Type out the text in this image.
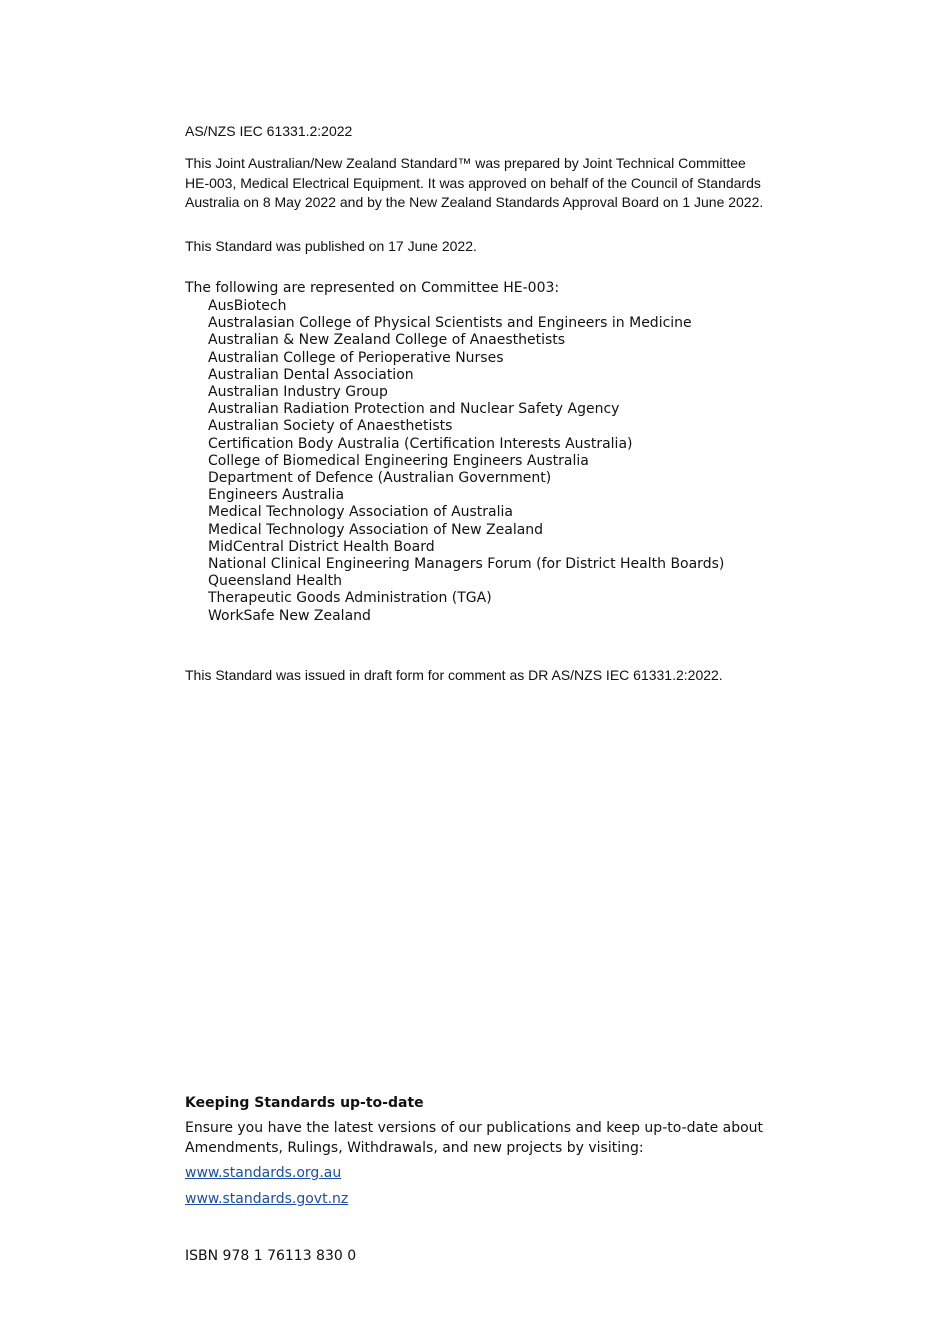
AS/NZS IEC 61331.2:2022

This Joint Australian/New Zealand Standard™ was prepared by Joint Technical Committee HE-003, Medical Electrical Equipment. It was approved on behalf of the Council of Standards Australia on 8 May 2022 and by the New Zealand Standards Approval Board on 1 June 2022.

This Standard was published on 17 June 2022.

The following are represented on Committee HE-003:

AusBiotech
Australasian College of Physical Scientists and Engineers in Medicine
Australian & New Zealand College of Anaesthetists
Australian College of Perioperative Nurses
Australian Dental Association
Australian Industry Group
Australian Radiation Protection and Nuclear Safety Agency
Australian Society of Anaesthetists
Certification Body Australia (Certification Interests Australia)
College of Biomedical Engineering Engineers Australia
Department of Defence (Australian Government)
Engineers Australia
Medical Technology Association of Australia
Medical Technology Association of New Zealand
MidCentral District Health Board
National Clinical Engineering Managers Forum (for District Health Boards)
Queensland Health
Therapeutic Goods Administration (TGA)
WorkSafe New Zealand

This Standard was issued in draft form for comment as DR AS/NZS IEC 61331.2:2022.

Keeping Standards up-to-date

Ensure you have the latest versions of our publications and keep up-to-date about Amendments, Rulings, Withdrawals, and new projects by visiting:

www.standards.org.au
www.standards.govt.nz

ISBN 978 1 76113 830 0
